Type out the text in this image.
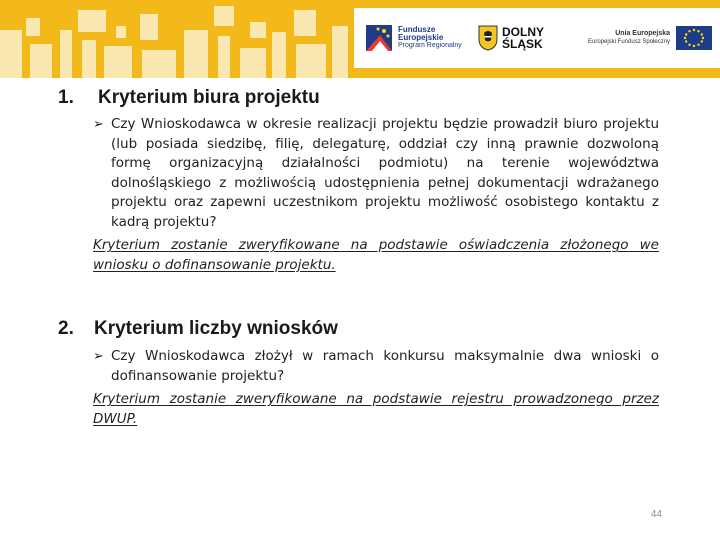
Fundusze
Europejskie
Program Regionalny
DOLNY
ŚLĄSK
Unia Europejska
Europejski Fundusz Społeczny
1. Kryterium biura projektu
➢ Czy Wnioskodawca w okresie realizacji projektu będzie prowadził biuro projektu (lub posiada siedzibę, filię, delegaturę, oddział czy inną prawnie dozwoloną formę organizacyjną działalności podmiotu) na terenie województwa dolnośląskiego z możliwością udostępnienia pełnej dokumentacji wdrażanego projektu oraz zapewni uczestnikom projektu możliwość osobistego kontaktu z kadrą projektu?
Kryterium zostanie zweryfikowane na podstawie oświadczenia złożonego we wniosku o dofinansowanie projektu.
2. Kryterium liczby wniosków
➢ Czy Wnioskodawca złożył w ramach konkursu maksymalnie dwa wnioski o dofinansowanie projektu?
Kryterium zostanie zweryfikowane na podstawie rejestru prowadzonego przez DWUP.
44
